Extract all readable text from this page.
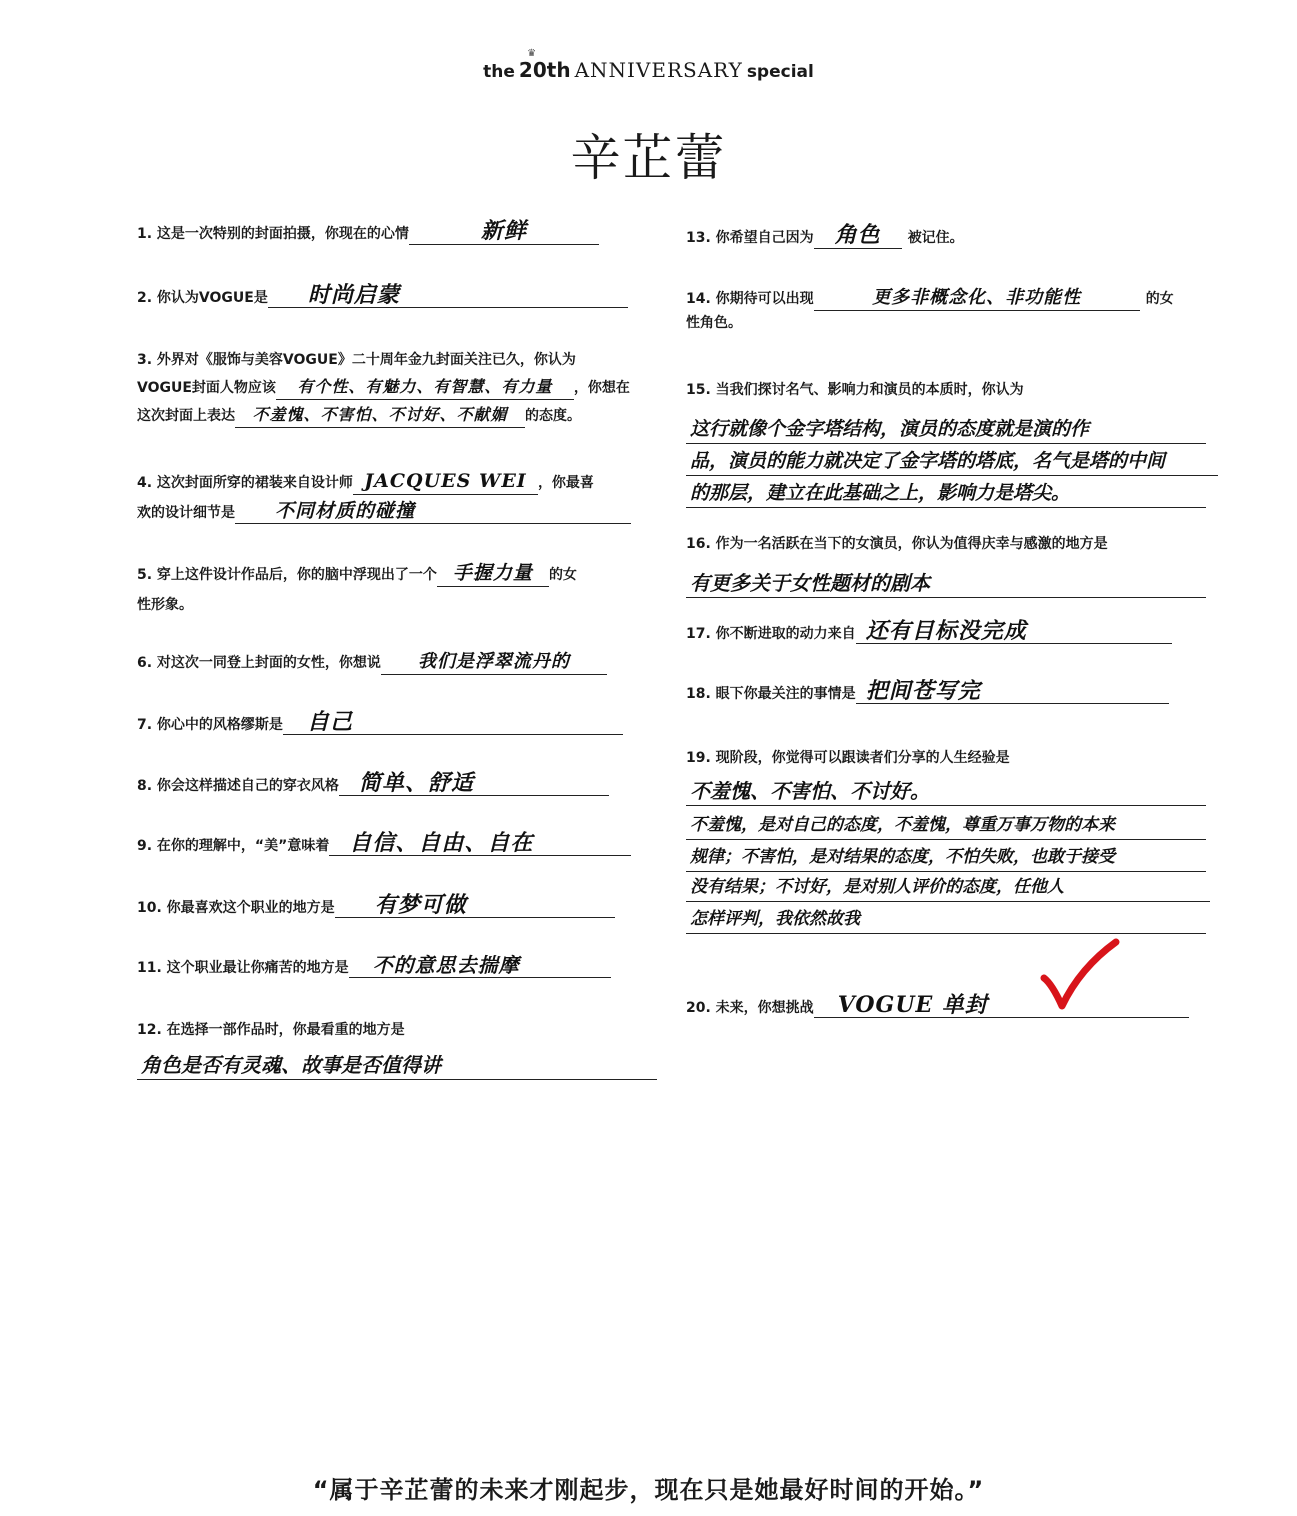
♛
the 20th ANNIVERSARY special
辛芷蕾
1. 这是一次特别的封面拍摄，你现在的心情	新鲜
2. 你认为VOGUE是 时尚启蒙
3. 外界对《服饰与美容VOGUE》二十周年金九封面关注已久，你认为
VOGUE封面人物应该 有个性、有魅力、有智慧、有力量 ，你想在
这次封面上表达 不羞愧、不害怕、不讨好、不献媚 的态度。
4. 这次封面所穿的裙装来自设计师 JACQUES WEI ，你最喜
欢的设计细节是 不同材质的碰撞
5. 穿上这件设计作品后，你的脑中浮现出了一个 手握力量 的女
性形象。
6. 对这次一同登上封面的女性，你想说 我们是浮翠流丹的
7. 你心中的风格缪斯是 自己
8. 你会这样描述自己的穿衣风格 简单、舒适
9. 在你的理解中，“美”意味着 自信、自由、自在
10. 你最喜欢这个职业的地方是 有梦可做
11. 这个职业最让你痛苦的地方是 不的意思去揣摩
12. 在选择一部作品时，你最看重的地方是
角色是否有灵魂、故事是否值得讲
13. 你希望自己因为 角色 被记住。
14. 你期待可以出现	更多非概念化、非功能性	的女
性角色。
15. 当我们探讨名气、影响力和演员的本质时，你认为
这行就像个金字塔结构，演员的态度就是演的作
品，演员的能力就决定了金字塔的塔底，名气是塔的中间
的那层，建立在此基础之上，影响力是塔尖。
16. 作为一名活跃在当下的女演员，你认为值得庆幸与感激的地方是
有更多关于女性题材的剧本
17. 你不断进取的动力来自 还有目标没完成
18. 眼下你最关注的事情是 把间苍写完
19. 现阶段，你觉得可以跟读者们分享的人生经验是
不羞愧、不害怕、不讨好。
不羞愧，是对自己的态度，不羞愧，尊重万事万物的本来
规律；不害怕，是对结果的态度，不怕失败，也敢于接受
没有结果；不讨好，是对别人评价的态度，任他人
怎样评判，我依然故我
20. 未来，你想挑战 VOGUE 单封
“属于辛芷蕾的未来才刚起步，现在只是她最好时间的开始。”
